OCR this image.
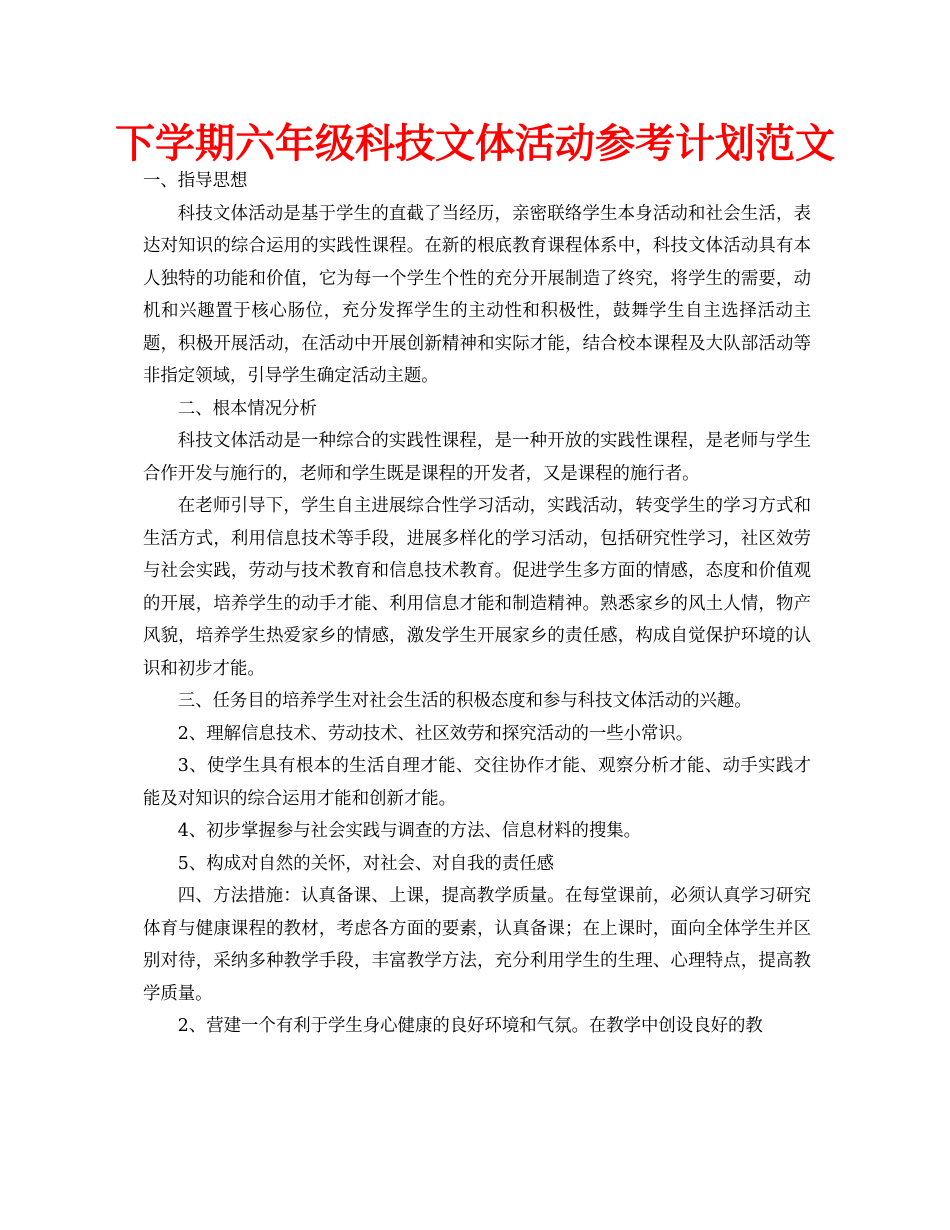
下学期六年级科技文体活动参考计划范文

一、指导思想

科技文体活动是基于学生的直截了当经历，亲密联络学生本身活动和社会生活，表达对知识的综合运用的实践性课程。在新的根底教育课程体系中，科技文体活动具有本人独特的功能和价值，它为每一个学生个性的充分开展制造了终究，将学生的需要，动机和兴趣置于核心肠位，充分发挥学生的主动性和积极性，鼓舞学生自主选择活动主题，积极开展活动，在活动中开展创新精神和实际才能，结合校本课程及大队部活动等非指定领域，引导学生确定活动主题。

二、根本情况分析

科技文体活动是一种综合的实践性课程，是一种开放的实践性课程，是老师与学生合作开发与施行的，老师和学生既是课程的开发者，又是课程的施行者。

在老师引导下，学生自主进展综合性学习活动，实践活动，转变学生的学习方式和生活方式，利用信息技术等手段，进展多样化的学习活动，包括研究性学习，社区效劳与社会实践，劳动与技术教育和信息技术教育。促进学生多方面的情感，态度和价值观的开展，培养学生的动手才能、利用信息才能和制造精神。熟悉家乡的风土人情，物产风貌，培养学生热爱家乡的情感，激发学生开展家乡的责任感，构成自觉保护环境的认识和初步才能。

三、任务目的培养学生对社会生活的积极态度和参与科技文体活动的兴趣。

2、理解信息技术、劳动技术、社区效劳和探究活动的一些小常识。

3、使学生具有根本的生活自理才能、交往协作才能、观察分析才能、动手实践才能及对知识的综合运用才能和创新才能。

4、初步掌握参与社会实践与调查的方法、信息材料的搜集。

5、构成对自然的关怀，对社会、对自我的责任感

四、方法措施：认真备课、上课，提高教学质量。在每堂课前，必须认真学习研究体育与健康课程的教材，考虑各方面的要素，认真备课；在上课时，面向全体学生并区别对待，采纳多种教学手段，丰富教学方法，充分利用学生的生理、心理特点，提高教学质量。

2、营建一个有利于学生身心健康的良好环境和气氛。在教学中创设良好的教
